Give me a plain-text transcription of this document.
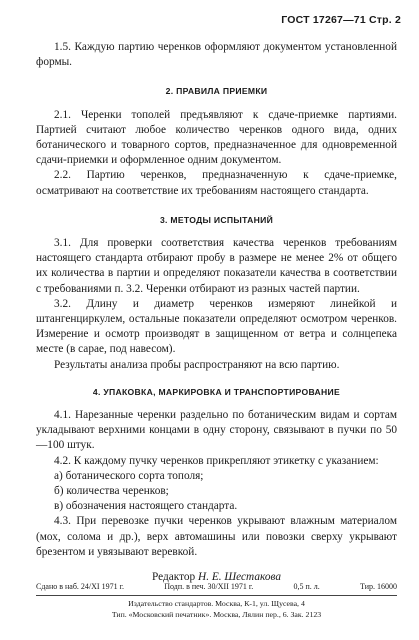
ГОСТ 17267—71 Стр. 2

1.5. Каждую партию черенков оформляют документом установленной формы.

2. ПРАВИЛА ПРИЕМКИ

2.1. Черенки тополей предъявляют к сдаче-приемке партиями. Партией считают любое количество черенков одного вида, одних ботанического и товарного сортов, предназначенное для одновременной сдачи-приемки и оформленное одним документом.

2.2. Партию черенков, предназначенную к сдаче-приемке, осматривают на соответствие их требованиям настоящего стандарта.

3. МЕТОДЫ ИСПЫТАНИЙ

3.1. Для проверки соответствия качества черенков требованиям настоящего стандарта отбирают пробу в размере не менее 2% от общего их количества в партии и определяют показатели качества в соответствии с требованиями п. 3.2. Черенки отбирают из разных частей партии.

3.2. Длину и диаметр черенков измеряют линейкой и штангенциркулем, остальные показатели определяют осмотром черенков. Измерение и осмотр производят в защищенном от ветра и солнцепека месте (в сарае, под навесом).

Результаты анализа пробы распространяют на всю партию.

4. УПАКОВКА, МАРКИРОВКА И ТРАНСПОРТИРОВАНИЕ

4.1. Нарезанные черенки раздельно по ботаническим видам и сортам укладывают верхними концами в одну сторону, связывают в пучки по 50—100 штук.

4.2. К каждому пучку черенков прикрепляют этикетку с указанием:

а) ботанического сорта тополя;

б) количества черенков;

в) обозначения настоящего стандарта.

4.3. При перевозке пучки черенков укрывают влажным материалом (мох, солома и др.), верх автомашины или повозки сверху укрывают брезентом и увязывают веревкой.

Редактор Н. Е. Шестакова
Сдано в наб. 24/XI 1971 г.	Подп. в печ. 30/XII 1971 г.	0,5 п. л.	Тир. 16000
Издательство стандартов. Москва, К-1, ул. Щусева, 4
Тип. «Московский печатник». Москва, Лялин пер., 6. Зак. 2123
